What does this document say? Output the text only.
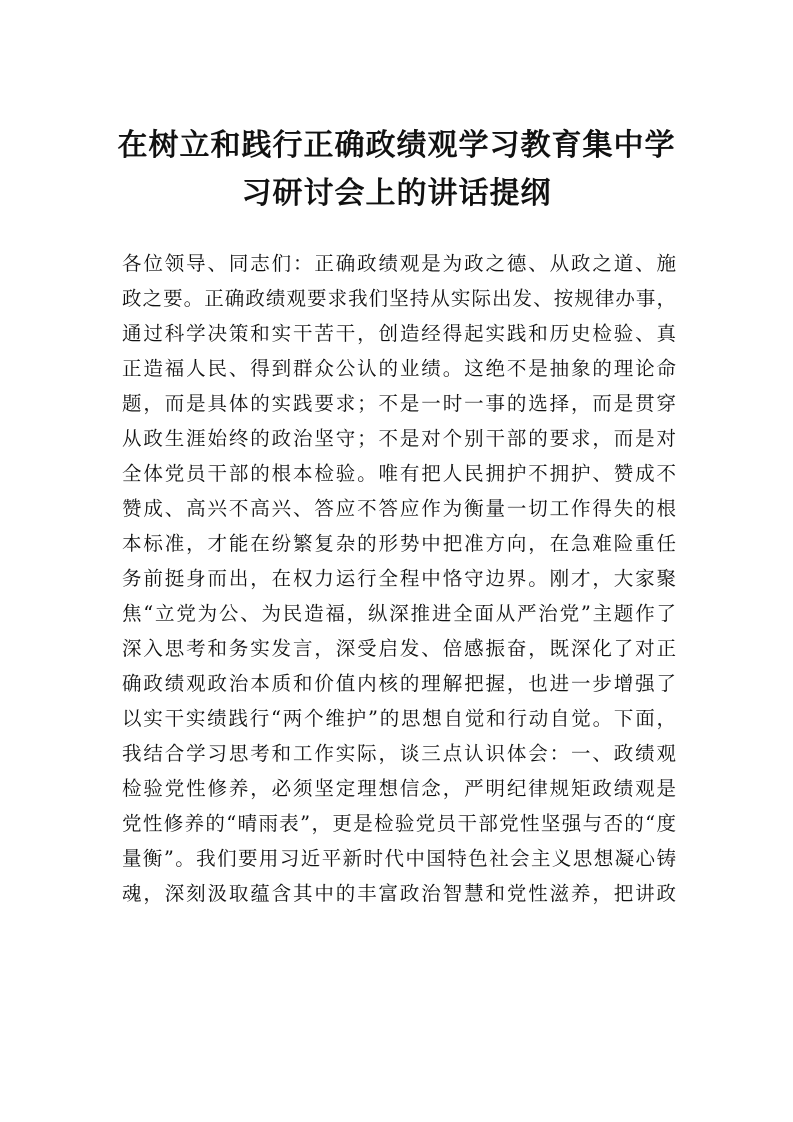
在树立和践行正确政绩观学习教育集中学
习研讨会上的讲话提纲
各位领导、同志们：正确政绩观是为政之德、从政之道、施
政之要。正确政绩观要求我们坚持从实际出发、按规律办事，
通过科学决策和实干苦干，创造经得起实践和历史检验、真
正造福人民、得到群众公认的业绩。这绝不是抽象的理论命
题，而是具体的实践要求；不是一时一事的选择，而是贯穿
从政生涯始终的政治坚守；不是对个别干部的要求，而是对
全体党员干部的根本检验。唯有把人民拥护不拥护、赞成不
赞成、高兴不高兴、答应不答应作为衡量一切工作得失的根
本标准，才能在纷繁复杂的形势中把准方向，在急难险重任
务前挺身而出，在权力运行全程中恪守边界。刚才，大家聚
焦“立党为公、为民造福，纵深推进全面从严治党”主题作了
深入思考和务实发言，深受启发、倍感振奋，既深化了对正
确政绩观政治本质和价值内核的理解把握，也进一步增强了
以实干实绩践行“两个维护”的思想自觉和行动自觉。下面，
我结合学习思考和工作实际，谈三点认识体会：一、政绩观
检验党性修养，必须坚定理想信念，严明纪律规矩政绩观是
党性修养的“晴雨表”，更是检验党员干部党性坚强与否的“度
量衡”。我们要用习近平新时代中国特色社会主义思想凝心铸
魂，深刻汲取蕴含其中的丰富政治智慧和党性滋养，把讲政
